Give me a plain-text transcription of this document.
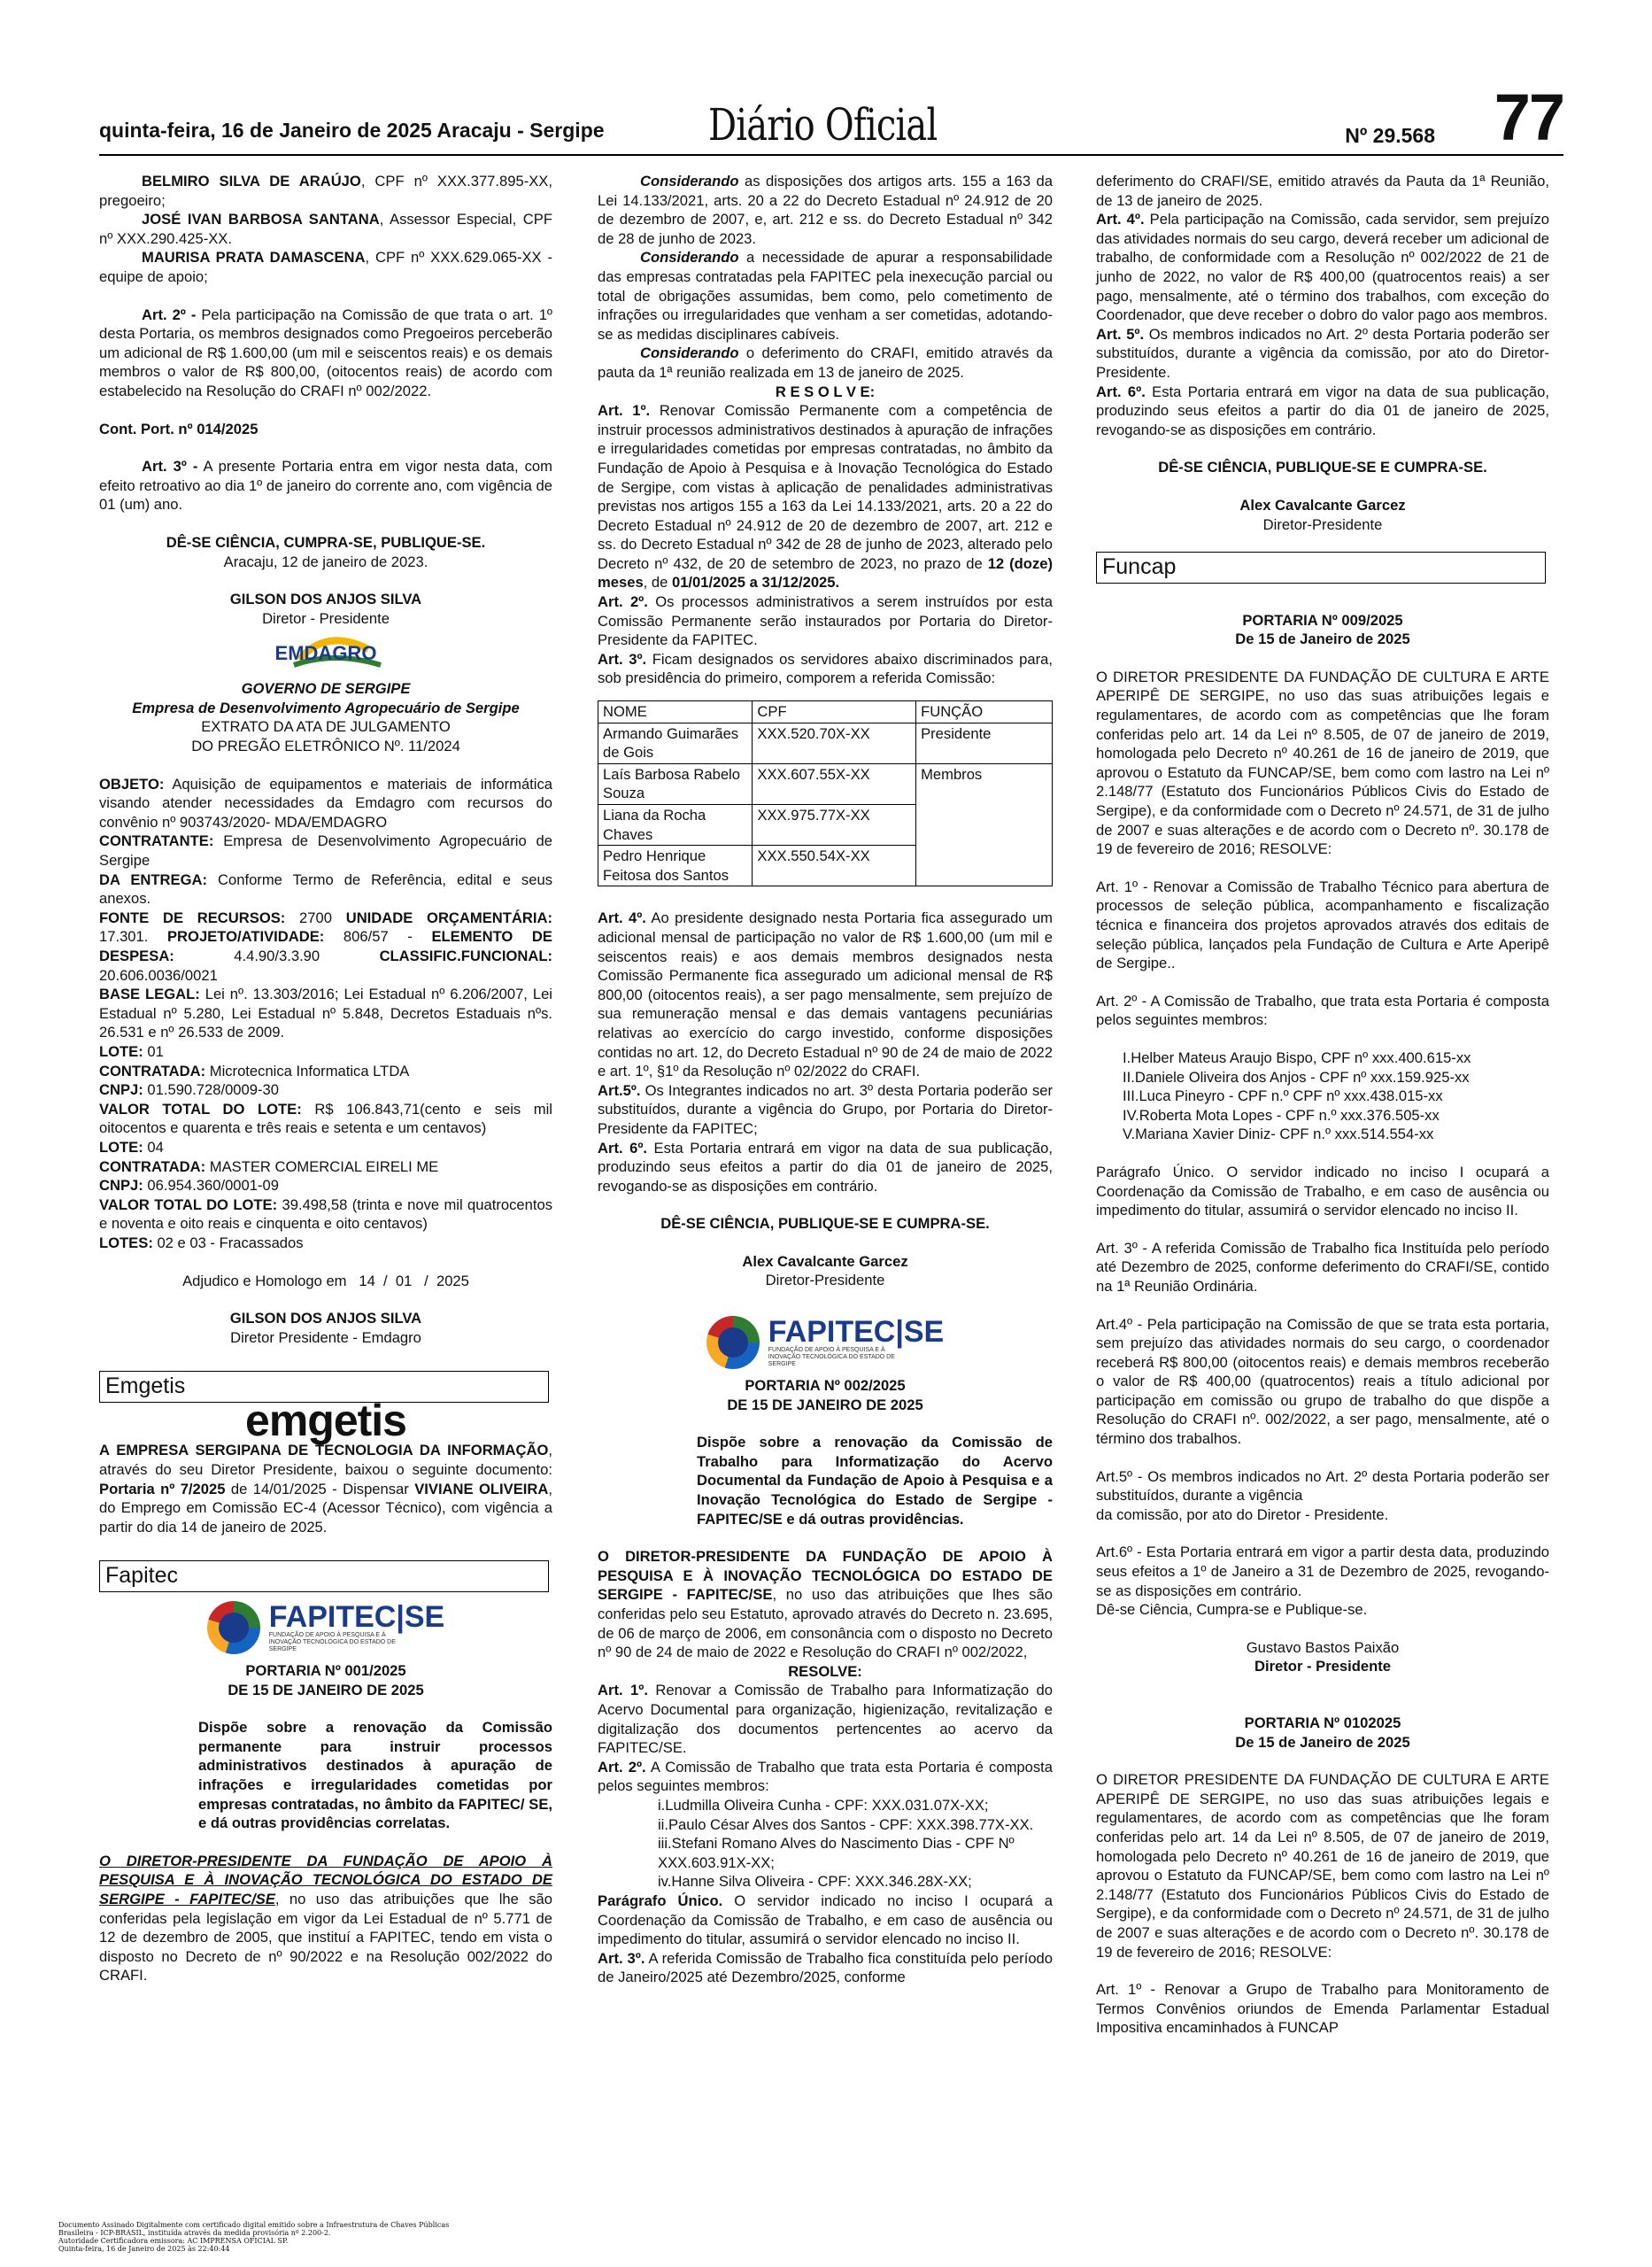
quinta-feira, 16 de Janeiro de 2025 Aracaju - Sergipe Diário Oficial	Nº 29.568 77

BELMIRO SILVA DE ARAÚJO, CPF nº XXX.377.895-XX, pregoeiro;

JOSÉ IVAN BARBOSA SANTANA, Assessor Especial, CPF nº XXX.290.425-XX.

MAURISA PRATA DAMASCENA, CPF nº XXX.629.065-XX - equipe de apoio;

Art. 2º - Pela participação na Comissão de que trata o art. 1º desta Portaria, os membros designados como Pregoeiros perceberão um adicional de R$ 1.600,00 (um mil e seiscentos reais) e os demais membros o valor de R$ 800,00, (oitocentos reais) de acordo com estabelecido na Resolução do CRAFI nº 002/2022.

Cont. Port. nº 014/2025

Art. 3º - A presente Portaria entra em vigor nesta data, com efeito retroativo ao dia 1º de janeiro do corrente ano, com vigência de 01 (um) ano.

DÊ-SE CIÊNCIA, CUMPRA-SE, PUBLIQUE-SE.

Aracaju, 12 de janeiro de 2023.

GILSON DOS ANJOS SILVA

Diretor - Presidente

EMDAGRO

GOVERNO DE SERGIPE

Empresa de Desenvolvimento Agropecuário de Sergipe

EXTRATO DA ATA DE JULGAMENTO

DO PREGÃO ELETRÔNICO Nº. 11/2024

OBJETO: Aquisição de equipamentos e materiais de informática visando atender necessidades da Emdagro com recursos do convênio nº 903743/2020- MDA/EMDAGRO

CONTRATANTE: Empresa de Desenvolvimento Agropecuário de Sergipe

DA ENTREGA: Conforme Termo de Referência, edital e seus anexos.

FONTE DE RECURSOS: 2700 UNIDADE ORÇAMENTÁRIA: 17.301. PROJETO/ATIVIDADE: 806/57 - ELEMENTO DE DESPESA: 4.4.90/3.3.90 CLASSIFIC.FUNCIONAL: 20.606.0036/0021

BASE LEGAL: Lei nº. 13.303/2016; Lei Estadual nº 6.206/2007, Lei Estadual nº 5.280, Lei Estadual nº 5.848, Decretos Estaduais nºs. 26.531 e nº 26.533 de 2009.

LOTE: 01

CONTRATADA: Microtecnica Informatica LTDA

CNPJ: 01.590.728/0009-30

VALOR TOTAL DO LOTE: R$ 106.843,71(cento e seis mil oitocentos e quarenta e três reais e setenta e um centavos)

LOTE: 04

CONTRATADA: MASTER COMERCIAL EIRELI ME

CNPJ: 06.954.360/0001-09

VALOR TOTAL DO LOTE: 39.498,58 (trinta e nove mil quatrocentos e noventa e oito reais e cinquenta e oito centavos)

LOTES: 02 e 03 - Fracassados

Adjudico e Homologo em   14  /  01   /  2025

GILSON DOS ANJOS SILVA

Diretor Presidente - Emdagro

Emgetis
emgetis

A EMPRESA SERGIPANA DE TECNOLOGIA DA INFORMAÇÃO, através do seu Diretor Presidente, baixou o seguinte documento: Portaria nº 7/2025 de 14/01/2025 - Dispensar VIVIANE OLIVEIRA, do Emprego em Comissão EC-4 (Acessor Técnico), com vigência a partir do dia 14 de janeiro de 2025.

Fapitec
FAPITEC|SE
FUNDAÇÃO DE APOIO À PESQUISA E À INOVAÇÃO TECNOLÓGICA DO ESTADO DE SERGIPE

PORTARIA Nº 001/2025

DE 15 DE JANEIRO DE 2025

Dispõe sobre a renovação da Comissão permanente para instruir processos administrativos destinados à apuração de infrações e irregularidades cometidas por empresas contratadas, no âmbito da FAPITEC/ SE, e dá outras providências correlatas.

O DIRETOR-PRESIDENTE DA FUNDAÇÃO DE APOIO À PESQUISA E À INOVAÇÃO TECNOLÓGICA DO ESTADO DE SERGIPE - FAPITEC/SE, no uso das atribuições que lhe são conferidas pela legislação em vigor da Lei Estadual de nº 5.771 de 12 de dezembro de 2005, que instituí a FAPITEC, tendo em vista o disposto no Decreto de nº 90/2022 e na Resolução 002/2022 do CRAFI.

Considerando as disposições dos artigos arts. 155 a 163 da Lei 14.133/2021, arts. 20 a 22 do Decreto Estadual nº 24.912 de 20 de dezembro de 2007, e, art. 212 e ss. do Decreto Estadual nº 342 de 28 de junho de 2023.

Considerando a necessidade de apurar a responsabilidade das empresas contratadas pela FAPITEC pela inexecução parcial ou total de obrigações assumidas, bem como, pelo cometimento de infrações ou irregularidades que venham a ser cometidas, adotando-se as medidas disciplinares cabíveis.

Considerando o deferimento do CRAFI, emitido através da pauta da 1ª reunião realizada em 13 de janeiro de 2025.

R E S O L V E:

Art. 1º. Renovar Comissão Permanente com a competência de instruir processos administrativos destinados à apuração de infrações e irregularidades cometidas por empresas contratadas, no âmbito da Fundação de Apoio à Pesquisa e à Inovação Tecnológica do Estado de Sergipe, com vistas à aplicação de penalidades administrativas previstas nos artigos 155 a 163 da Lei 14.133/2021, arts. 20 a 22 do Decreto Estadual nº 24.912 de 20 de dezembro de 2007, art. 212 e ss. do Decreto Estadual nº 342 de 28 de junho de 2023, alterado pelo Decreto nº 432, de 20 de setembro de 2023, no prazo de 12 (doze) meses, de 01/01/2025 a 31/12/2025.

Art. 2º. Os processos administrativos a serem instruídos por esta Comissão Permanente serão instaurados por Portaria do Diretor-Presidente da FAPITEC.

Art. 3º. Ficam designados os servidores abaixo discriminados para, sob presidência do primeiro, comporem a referida Comissão:

NOME	CPF	FUNÇÃO
Armando Guimarães de Gois	XXX.520.70X-XX	Presidente
Laís Barbosa Rabelo Souza	XXX.607.55X-XX	Membros
Liana da Rocha Chaves	XXX.975.77X-XX	
Pedro Henrique Feitosa dos Santos	XXX.550.54X-XX	

Art. 4º. Ao presidente designado nesta Portaria fica assegurado um adicional mensal de participação no valor de R$ 1.600,00 (um mil e seiscentos reais) e aos demais membros designados nesta Comissão Permanente fica assegurado um adicional mensal de R$ 800,00 (oitocentos reais), a ser pago mensalmente, sem prejuízo de sua remuneração mensal e das demais vantagens pecuniárias relativas ao exercício do cargo investido, conforme disposições contidas no art. 12, do Decreto Estadual nº 90 de 24 de maio de 2022 e art. 1º, §1º da Resolução nº 02/2022 do CRAFI.

Art.5º. Os Integrantes indicados no art. 3º desta Portaria poderão ser substituídos, durante a vigência do Grupo, por Portaria do Diretor-Presidente da FAPITEC;

Art. 6º. Esta Portaria entrará em vigor na data de sua publicação, produzindo seus efeitos a partir do dia 01 de janeiro de 2025, revogando-se as disposições em contrário.

DÊ-SE CIÊNCIA, PUBLIQUE-SE E CUMPRA-SE.

Alex Cavalcante Garcez

Diretor-Presidente

FAPITEC|SE
FUNDAÇÃO DE APOIO À PESQUISA E À INOVAÇÃO TECNOLÓGICA DO ESTADO DE SERGIPE

PORTARIA Nº 002/2025

DE 15 DE JANEIRO DE 2025

Dispõe sobre a renovação da Comissão de Trabalho para Informatização do Acervo Documental da Fundação de Apoio à Pesquisa e a Inovação Tecnológica do Estado de Sergipe - FAPITEC/SE e dá outras providências.

O DIRETOR-PRESIDENTE DA FUNDAÇÃO DE APOIO À PESQUISA E À INOVAÇÃO TECNOLÓGICA DO ESTADO DE SERGIPE - FAPITEC/SE, no uso das atribuições que lhes são conferidas pelo seu Estatuto, aprovado através do Decreto n. 23.695, de 06 de março de 2006, em consonância com o disposto no Decreto nº 90 de 24 de maio de 2022 e Resolução do CRAFI nº 002/2022,

RESOLVE:

Art. 1º. Renovar a Comissão de Trabalho para Informatização do Acervo Documental para organização, higienização, revitalização e digitalização dos documentos pertencentes ao acervo da FAPITEC/SE.

Art. 2º. A Comissão de Trabalho que trata esta Portaria é composta pelos seguintes membros:

i.Ludmilla Oliveira Cunha - CPF: XXX.031.07X-XX;

ii.Paulo César Alves dos Santos - CPF: XXX.398.77X-XX.

iii.Stefani Romano Alves do Nascimento Dias - CPF Nº XXX.603.91X-XX;

iv.Hanne Silva Oliveira - CPF: XXX.346.28X-XX;

Parágrafo Único. O servidor indicado no inciso I ocupará a Coordenação da Comissão de Trabalho, e em caso de ausência ou impedimento do titular, assumirá o servidor elencado no inciso II.

Art. 3º. A referida Comissão de Trabalho fica constituída pelo período de Janeiro/2025 até Dezembro/2025, conforme

deferimento do CRAFI/SE, emitido através da Pauta da 1ª Reunião, de 13 de janeiro de 2025.

Art. 4º. Pela participação na Comissão, cada servidor, sem prejuízo das atividades normais do seu cargo, deverá receber um adicional de trabalho, de conformidade com a Resolução nº 002/2022 de 21 de junho de 2022, no valor de R$ 400,00 (quatrocentos reais) a ser pago, mensalmente, até o término dos trabalhos, com exceção do Coordenador, que deve receber o dobro do valor pago aos membros.

Art. 5º. Os membros indicados no Art. 2º desta Portaria poderão ser substituídos, durante a vigência da comissão, por ato do Diretor-Presidente.

Art. 6º. Esta Portaria entrará em vigor na data de sua publicação, produzindo seus efeitos a partir do dia 01 de janeiro de 2025, revogando-se as disposições em contrário.

DÊ-SE CIÊNCIA, PUBLIQUE-SE E CUMPRA-SE.

Alex Cavalcante Garcez

Diretor-Presidente

Funcap

PORTARIA Nº 009/2025

De 15 de Janeiro de 2025

O DIRETOR PRESIDENTE DA FUNDAÇÃO DE CULTURA E ARTE APERIPÊ DE SERGIPE, no uso das suas atribuições legais e regulamentares, de acordo com as competências que lhe foram conferidas pelo art. 14 da Lei nº 8.505, de 07 de janeiro de 2019, homologada pelo Decreto nº 40.261 de 16 de janeiro de 2019, que aprovou o Estatuto da FUNCAP/SE, bem como com lastro na Lei nº 2.148/77 (Estatuto dos Funcionários Públicos Civis do Estado de Sergipe), e da conformidade com o Decreto nº 24.571, de 31 de julho de 2007 e suas alterações e de acordo com o Decreto nº. 30.178 de 19 de fevereiro de 2016; RESOLVE:

Art. 1º - Renovar a Comissão de Trabalho Técnico para abertura de processos de seleção pública, acompanhamento e fiscalização técnica e financeira dos projetos aprovados através dos editais de seleção pública, lançados pela Fundação de Cultura e Arte Aperipê de Sergipe..

Art. 2º - A Comissão de Trabalho, que trata esta Portaria é composta pelos seguintes membros:

I.Helber Mateus Araujo Bispo, CPF nº xxx.400.615-xx

II.Daniele Oliveira dos Anjos - CPF nº xxx.159.925-xx

III.Luca Pineyro - CPF n.º CPF nº xxx.438.015-xx

IV.Roberta Mota Lopes - CPF n.º xxx.376.505-xx

V.Mariana Xavier Diniz- CPF n.º xxx.514.554-xx

Parágrafo Único. O servidor indicado no inciso I ocupará a Coordenação da Comissão de Trabalho, e em caso de ausência ou impedimento do titular, assumirá o servidor elencado no inciso II.

Art. 3º - A referida Comissão de Trabalho fica Instituída pelo período até Dezembro de 2025, conforme deferimento do CRAFI/SE, contido na 1ª Reunião Ordinária.

Art.4º - Pela participação na Comissão de que se trata esta portaria, sem prejuízo das atividades normais do seu cargo, o coordenador receberá R$ 800,00 (oitocentos reais) e demais membros receberão o valor de R$ 400,00 (quatrocentos) reais a título adicional por participação em comissão ou grupo de trabalho do que dispõe a Resolução do CRAFI nº. 002/2022, a ser pago, mensalmente, até o término dos trabalhos.

Art.5º - Os membros indicados no Art. 2º desta Portaria poderão ser substituídos, durante a vigência

da comissão, por ato do Diretor - Presidente.

Art.6º - Esta Portaria entrará em vigor a partir desta data, produzindo seus efeitos a 1º de Janeiro a 31 de Dezembro de 2025, revogando-se as disposições em contrário.

Dê-se Ciência, Cumpra-se e Publique-se.

Gustavo Bastos Paixão

Diretor - Presidente

PORTARIA Nº 0102025

De 15 de Janeiro de 2025

O DIRETOR PRESIDENTE DA FUNDAÇÃO DE CULTURA E ARTE APERIPÊ DE SERGIPE, no uso das suas atribuições legais e regulamentares, de acordo com as competências que lhe foram conferidas pelo art. 14 da Lei nº 8.505, de 07 de janeiro de 2019, homologada pelo Decreto nº 40.261 de 16 de janeiro de 2019, que aprovou o Estatuto da FUNCAP/SE, bem como com lastro na Lei nº 2.148/77 (Estatuto dos Funcionários Públicos Civis do Estado de Sergipe), e da conformidade com o Decreto nº 24.571, de 31 de julho de 2007 e suas alterações e de acordo com o Decreto nº. 30.178 de 19 de fevereiro de 2016; RESOLVE:

Art. 1º - Renovar a Grupo de Trabalho para Monitoramento de Termos Convênios oriundos de Emenda Parlamentar Estadual Impositiva encaminhados à FUNCAP

Documento Assinado Digitalmente com certificado digital emitido sobre a Infraestrutura de Chaves Públicas
Brasileira - ICP-BRASIL, instituída através da medida provisória nº 2.200-2.
Autoridade Certificadora emissora: AC IMPRENSA OFICIAL SP.
Quinta-feira, 16 de Janeiro de 2025 às 22:40:44
